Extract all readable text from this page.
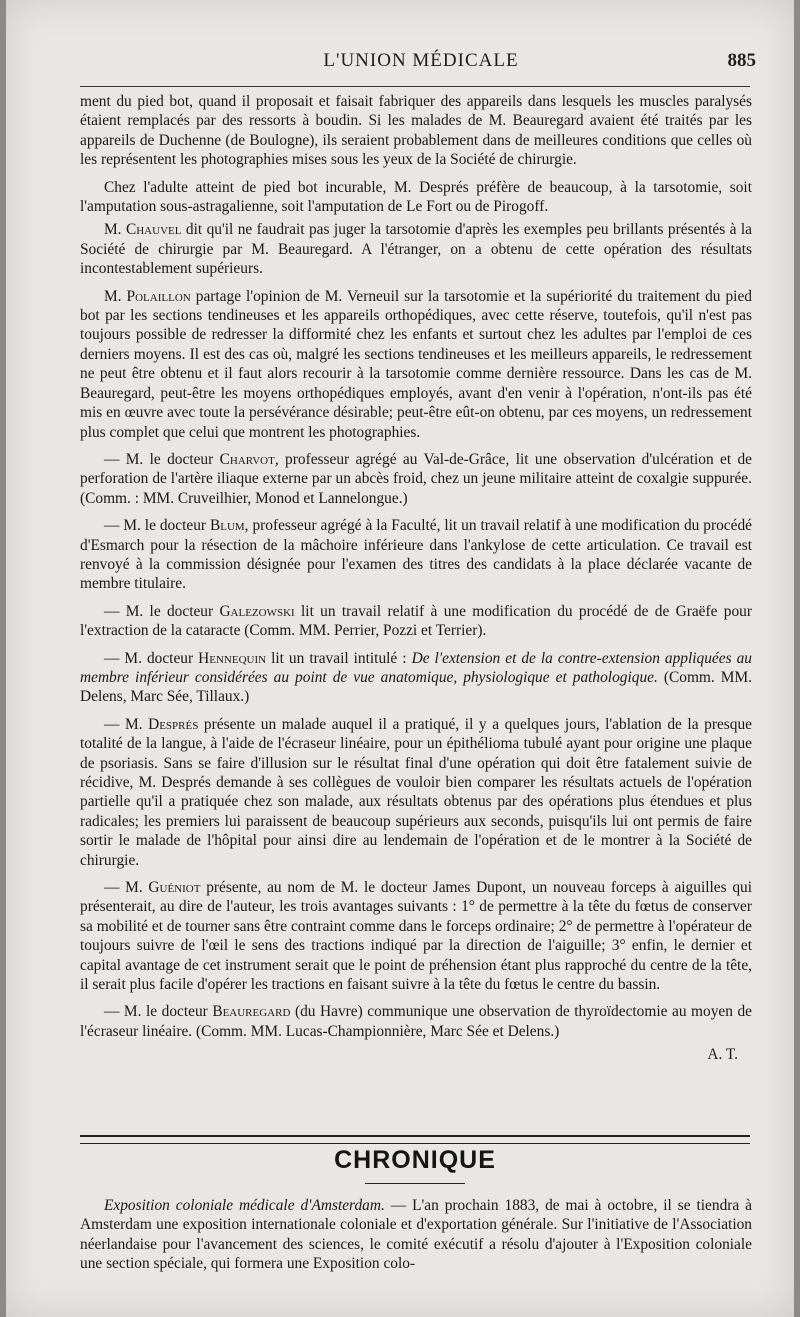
L'UNION MÉDICALE	885

ment du pied bot, quand il proposait et faisait fabriquer des appareils dans lesquels les muscles paralysés étaient remplacés par des ressorts à boudin. Si les malades de M. Beauregard avaient été traités par les appareils de Duchenne (de Boulogne), ils seraient probablement dans de meilleures conditions que celles où les représentent les photographies mises sous les yeux de la Société de chirurgie.

Chez l'adulte atteint de pied bot incurable, M. Després préfère de beaucoup, à la tarsotomie, soit l'amputation sous-astragalienne, soit l'amputation de Le Fort ou de Pirogoff.

M. Chauvel dit qu'il ne faudrait pas juger la tarsotomie d'après les exemples peu brillants présentés à la Société de chirurgie par M. Beauregard. A l'étranger, on a obtenu de cette opération des résultats incontestablement supérieurs.

M. Polaillon partage l'opinion de M. Verneuil sur la tarsotomie et la supériorité du traitement du pied bot par les sections tendineuses et les appareils orthopédiques, avec cette réserve, toutefois, qu'il n'est pas toujours possible de redresser la difformité chez les enfants et surtout chez les adultes par l'emploi de ces derniers moyens. Il est des cas où, malgré les sections tendineuses et les meilleurs appareils, le redressement ne peut être obtenu et il faut alors recourir à la tarsotomie comme dernière ressource. Dans les cas de M. Beauregard, peut-être les moyens orthopédiques employés, avant d'en venir à l'opération, n'ont-ils pas été mis en œuvre avec toute la persévérance désirable; peut-être eût-on obtenu, par ces moyens, un redressement plus complet que celui que montrent les photographies.

— M. le docteur Charvot, professeur agrégé au Val-de-Grâce, lit une observation d'ulcération et de perforation de l'artère iliaque externe par un abcès froid, chez un jeune militaire atteint de coxalgie suppurée. (Comm. : MM. Cruveilhier, Monod et Lannelongue.)

— M. le docteur Blum, professeur agrégé à la Faculté, lit un travail relatif à une modification du procédé d'Esmarch pour la résection de la mâchoire inférieure dans l'ankylose de cette articulation. Ce travail est renvoyé à la commission désignée pour l'examen des titres des candidats à la place déclarée vacante de membre titulaire.

— M. le docteur Galezowski lit un travail relatif à une modification du procédé de de Graëfe pour l'extraction de la cataracte (Comm. MM. Perrier, Pozzi et Terrier).

— M. docteur Hennequin lit un travail intitulé : De l'extension et de la contre-extension appliquées au membre inférieur considérées au point de vue anatomique, physiologique et pathologique. (Comm. MM. Delens, Marc Sée, Tillaux.)

— M. Després présente un malade auquel il a pratiqué, il y a quelques jours, l'ablation de la presque totalité de la langue, à l'aide de l'écraseur linéaire, pour un épithélioma tubulé ayant pour origine une plaque de psoriasis. Sans se faire d'illusion sur le résultat final d'une opération qui doit être fatalement suivie de récidive, M. Després demande à ses collègues de vouloir bien comparer les résultats actuels de l'opération partielle qu'il a pratiquée chez son malade, aux résultats obtenus par des opérations plus étendues et plus radicales; les premiers lui paraissent de beaucoup supérieurs aux seconds, puisqu'ils lui ont permis de faire sortir le malade de l'hôpital pour ainsi dire au lendemain de l'opération et de le montrer à la Société de chirurgie.

— M. Guéniot présente, au nom de M. le docteur James Dupont, un nouveau forceps à aiguilles qui présenterait, au dire de l'auteur, les trois avantages suivants : 1° de permettre à la tête du fœtus de conserver sa mobilité et de tourner sans être contraint comme dans le forceps ordinaire; 2° de permettre à l'opérateur de toujours suivre de l'œil le sens des tractions indiqué par la direction de l'aiguille; 3° enfin, le dernier et capital avantage de cet instrument serait que le point de préhension étant plus rapproché du centre de la tête, il serait plus facile d'opérer les tractions en faisant suivre à la tête du fœtus le centre du bassin.

— M. le docteur Beauregard (du Havre) communique une observation de thyroïdectomie au moyen de l'écraseur linéaire. (Comm. MM. Lucas-Championnière, Marc Sée et Delens.)

A. T.
CHRONIQUE

Exposition coloniale médicale d'Amsterdam. — L'an prochain 1883, de mai à octobre, il se tiendra à Amsterdam une exposition internationale coloniale et d'exportation générale. Sur l'initiative de l'Association néerlandaise pour l'avancement des sciences, le comité exécutif a résolu d'ajouter à l'Exposition coloniale une section spéciale, qui formera une Exposition colo-
